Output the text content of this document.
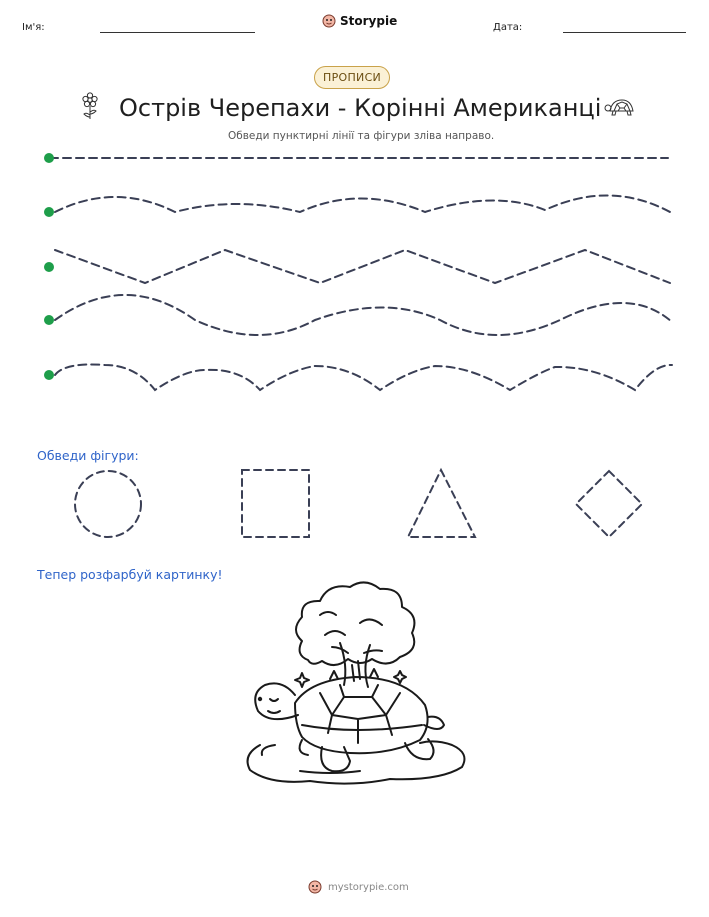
Ім'я:	Storypie	Дата:
ПРОПИСИ
Острів Черепахи - Корінні Американці
Обведи пунктирні лінії та фігури зліва направо.
Обведи фігури:
Тепер розфарбуй картинку!
mystorypie.com
